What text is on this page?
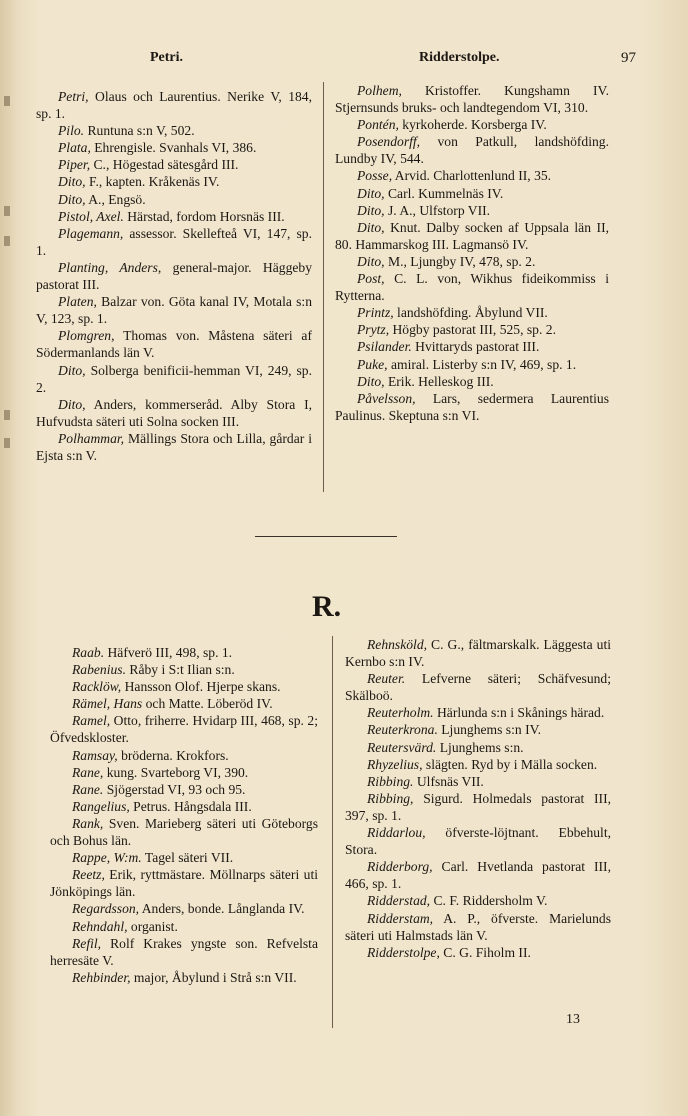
Petri.	Ridderstolpe.	97

Petri, Olaus och Laurentius. Nerike V, 184, sp. 1.

Pilo. Runtuna s:n V, 502.

Plata, Ehrengisle. Svanhals VI, 386.

Piper, C., Högestad sätesgård III.

Dito, F., kapten. Kråkenäs IV.

Dito, A., Engsö.

Pistol, Axel. Härstad, fordom Horsnäs III.

Plagemann, assessor. Skellefteå VI, 147, sp. 1.

Planting, Anders, general-major. Häggeby pastorat III.

Platen, Balzar von. Göta kanal IV, Motala s:n V, 123, sp. 1.

Plomgren, Thomas von. Måstena säteri af Södermanlands län V.

Dito, Solberga benificii-hemman VI, 249, sp. 2.

Dito, Anders, kommerseråd. Alby Stora I, Hufvudsta säteri uti Solna socken III.

Polhammar, Mällings Stora och Lilla, gårdar i Ejsta s:n V.

Polhem, Kristoffer. Kungshamn IV. Stjernsunds bruks- och landtegendom VI, 310.

Pontén, kyrkoherde. Korsberga IV.

Posendorff, von Patkull, landshöfding. Lundby IV, 544.

Posse, Arvid. Charlottenlund II, 35.

Dito, Carl. Kummelnäs IV.

Dito, J. A., Ulfstorp VII.

Dito, Knut. Dalby socken af Uppsala län II, 80. Hammarskog III. Lagmansö IV.

Dito, M., Ljungby IV, 478, sp. 2.

Post, C. L. von, Wikhus fideikommiss i Rytterna.

Printz, landshöfding. Åbylund VII.

Prytz, Högby pastorat III, 525, sp. 2.

Psilander. Hvittaryds pastorat III.

Puke, amiral. Listerby s:n IV, 469, sp. 1.

Dito, Erik. Helleskog III.

Påvelsson, Lars, sedermera Laurentius Paulinus. Skeptuna s:n VI.

R.

Raab. Häfverö III, 498, sp. 1.

Rabenius. Råby i S:t Ilian s:n.

Racklöw, Hansson Olof. Hjerpe skans.

Rämel, Hans och Matte. Löberöd IV.

Ramel, Otto, friherre. Hvidarp III, 468, sp. 2; Öfvedskloster.

Ramsay, bröderna. Krokfors.

Rane, kung. Svarteborg VI, 390.

Rane. Sjögerstad VI, 93 och 95.

Rangelius, Petrus. Hångsdala III.

Rank, Sven. Marieberg säteri uti Göteborgs och Bohus län.

Rappe, W:m. Tagel säteri VII.

Reetz, Erik, ryttmästare. Möllnarps säteri uti Jönköpings län.

Regardsson, Anders, bonde. Långlanda IV.

Rehndahl, organist.

Refil, Rolf Krakes yngste son. Refvelsta herresäte V.

Rehbinder, major, Åbylund i Strå s:n VII.

Rehnsköld, C. G., fältmarskalk. Läggesta uti Kernbo s:n IV.

Reuter. Lefverne säteri; Schäfvesund; Skälboö.

Reuterholm. Härlunda s:n i Skånings härad.

Reuterkrona. Ljunghems s:n IV.

Reutersvärd. Ljunghems s:n.

Rhyzelius, slägten. Ryd by i Mälla socken.

Ribbing. Ulfsnäs VII.

Ribbing, Sigurd. Holmedals pastorat III, 397, sp. 1.

Riddarlou, öfverste-löjtnant. Ebbehult, Stora.

Ridderborg, Carl. Hvetlanda pastorat III, 466, sp. 1.

Ridderstad, C. F. Riddersholm V.

Ridderstam, A. P., öfverste. Marielunds säteri uti Halmstads län V.

Ridderstolpe, C. G. Fiholm II.

13
